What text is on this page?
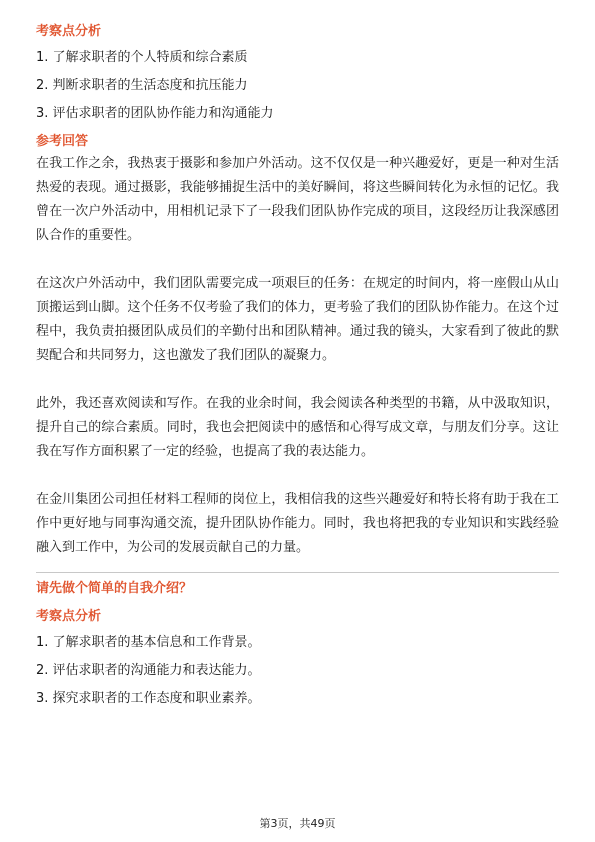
考察点分析

1. 了解求职者的个人特质和综合素质
2. 判断求职者的生活态度和抗压能力
3. 评估求职者的团队协作能力和沟通能力

参考回答

在我工作之余，我热衷于摄影和参加户外活动。这不仅仅是一种兴趣爱好，更是一种对生活热爱的表现。通过摄影，我能够捕捉生活中的美好瞬间，将这些瞬间转化为永恒的记忆。我曾在一次户外活动中，用相机记录下了一段我们团队协作完成的项目，这段经历让我深感团队合作的重要性。

在这次户外活动中，我们团队需要完成一项艰巨的任务：在规定的时间内，将一座假山从山顶搬运到山脚。这个任务不仅考验了我们的体力，更考验了我们的团队协作能力。在这个过程中，我负责拍摄团队成员们的辛勤付出和团队精神。通过我的镜头，大家看到了彼此的默契配合和共同努力，这也激发了我们团队的凝聚力。

此外，我还喜欢阅读和写作。在我的业余时间，我会阅读各种类型的书籍，从中汲取知识，提升自己的综合素质。同时，我也会把阅读中的感悟和心得写成文章，与朋友们分享。这让我在写作方面积累了一定的经验，也提高了我的表达能力。

在金川集团公司担任材料工程师的岗位上，我相信我的这些兴趣爱好和特长将有助于我在工作中更好地与同事沟通交流，提升团队协作能力。同时，我也将把我的专业知识和实践经验融入到工作中，为公司的发展贡献自己的力量。

请先做个简单的自我介绍？

考察点分析

1. 了解求职者的基本信息和工作背景。
2. 评估求职者的沟通能力和表达能力。
3. 探究求职者的工作态度和职业素养。
第3页，共49页
